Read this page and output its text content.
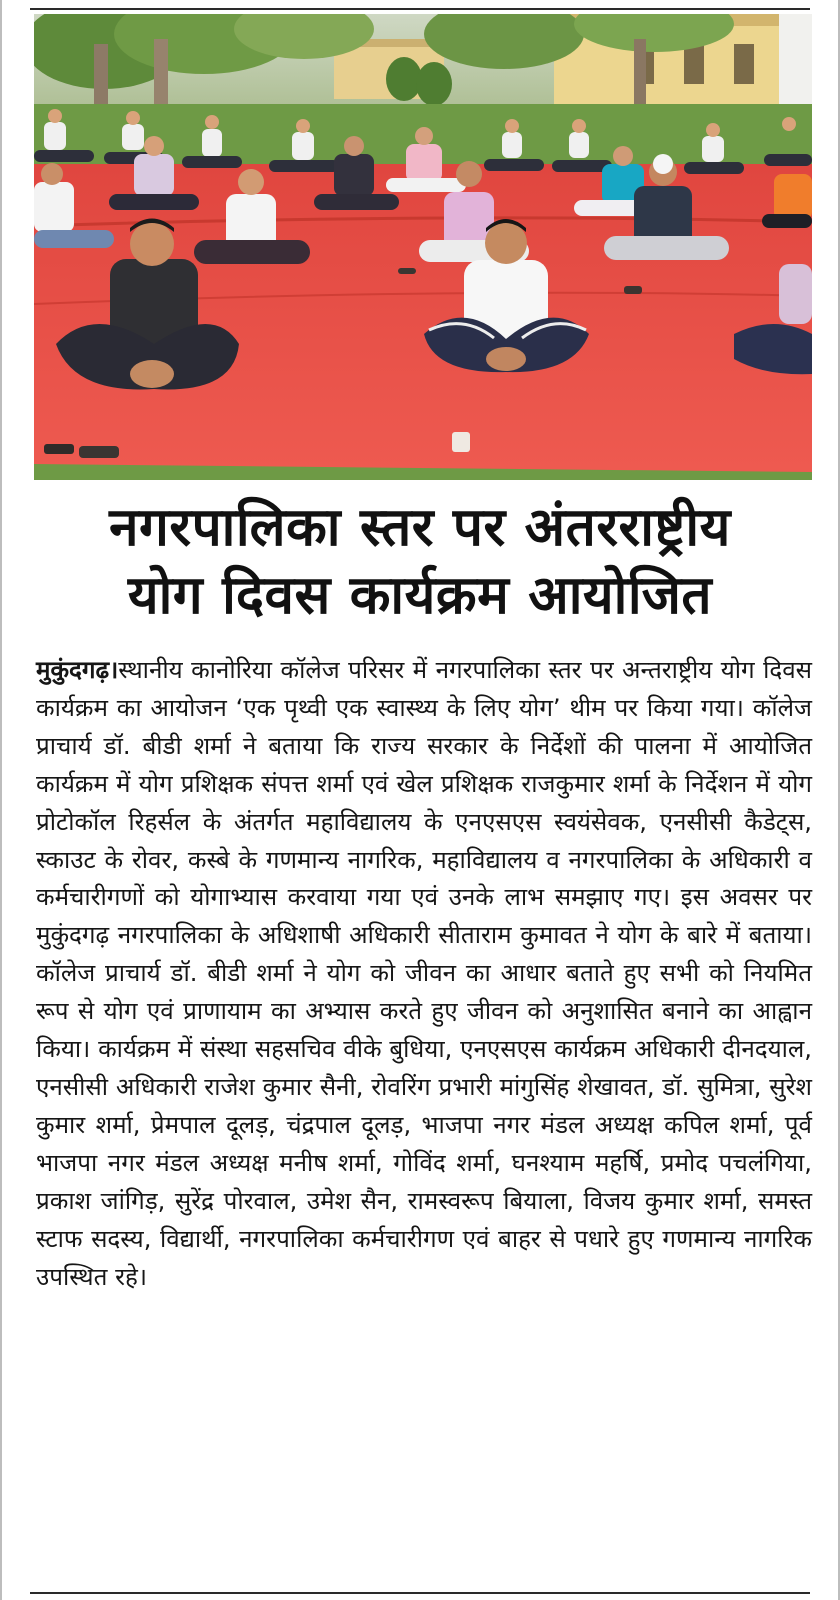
नगरपालिका स्तर पर अंतरराष्ट्रीय
योग दिवस कार्यक्रम आयोजित
मुकुंदगढ़।स्थानीय कानोरिया कॉलेज परिसर में नगरपालिका स्तर पर अन्तराष्ट्रीय योग दिवस कार्यक्रम का आयोजन ‘एक पृथ्वी एक स्वास्थ्य के लिए योग’ थीम पर किया गया। कॉलेज प्राचार्य डॉ. बीडी शर्मा ने बताया कि राज्य सरकार के निर्देशों की पालना में आयोजित कार्यक्रम में योग प्रशिक्षक संपत्त शर्मा एवं खेल प्रशिक्षक राजकुमार शर्मा के निर्देशन में योग प्रोटोकॉल रिहर्सल के अंतर्गत महाविद्यालय के एनएसएस स्वयंसेवक, एनसीसी कैडेट्स, स्काउट के रोवर, कस्बे के गणमान्य नागरिक, महाविद्यालय व नगरपालिका के अधिकारी व कर्मचारीगणों को योगाभ्यास करवाया गया एवं उनके लाभ समझाए गए। इस अवसर पर मुकुंदगढ़ नगरपालिका के अधिशाषी अधिकारी सीताराम कुमावत ने योग के बारे में बताया। कॉलेज प्राचार्य डॉ. बीडी शर्मा ने योग को जीवन का आधार बताते हुए सभी को नियमित रूप से योग एवं प्राणायाम का अभ्यास करते हुए जीवन को अनुशासित बनाने का आह्वान किया। कार्यक्रम में संस्था सहसचिव वीके बुधिया, एनएसएस कार्यक्रम अधिकारी दीनदयाल, एनसीसी अधिकारी राजेश कुमार सैनी, रोवरिंग प्रभारी मांगुसिंह शेखावत, डॉ. सुमित्रा, सुरेश कुमार शर्मा, प्रेमपाल दूलड़, चंद्रपाल दूलड़, भाजपा नगर मंडल अध्यक्ष कपिल शर्मा, पूर्व भाजपा नगर मंडल अध्यक्ष मनीष शर्मा, गोविंद शर्मा, घनश्याम महर्षि, प्रमोद पचलंगिया, प्रकाश जांगिड़, सुरेंद्र पोरवाल, उमेश सैन, रामस्वरूप बियाला, विजय कुमार शर्मा, समस्त स्टाफ सदस्य, विद्यार्थी, नगरपालिका कर्मचारीगण एवं बाहर से पधारे हुए गणमान्य नागरिक उपस्थित रहे।
